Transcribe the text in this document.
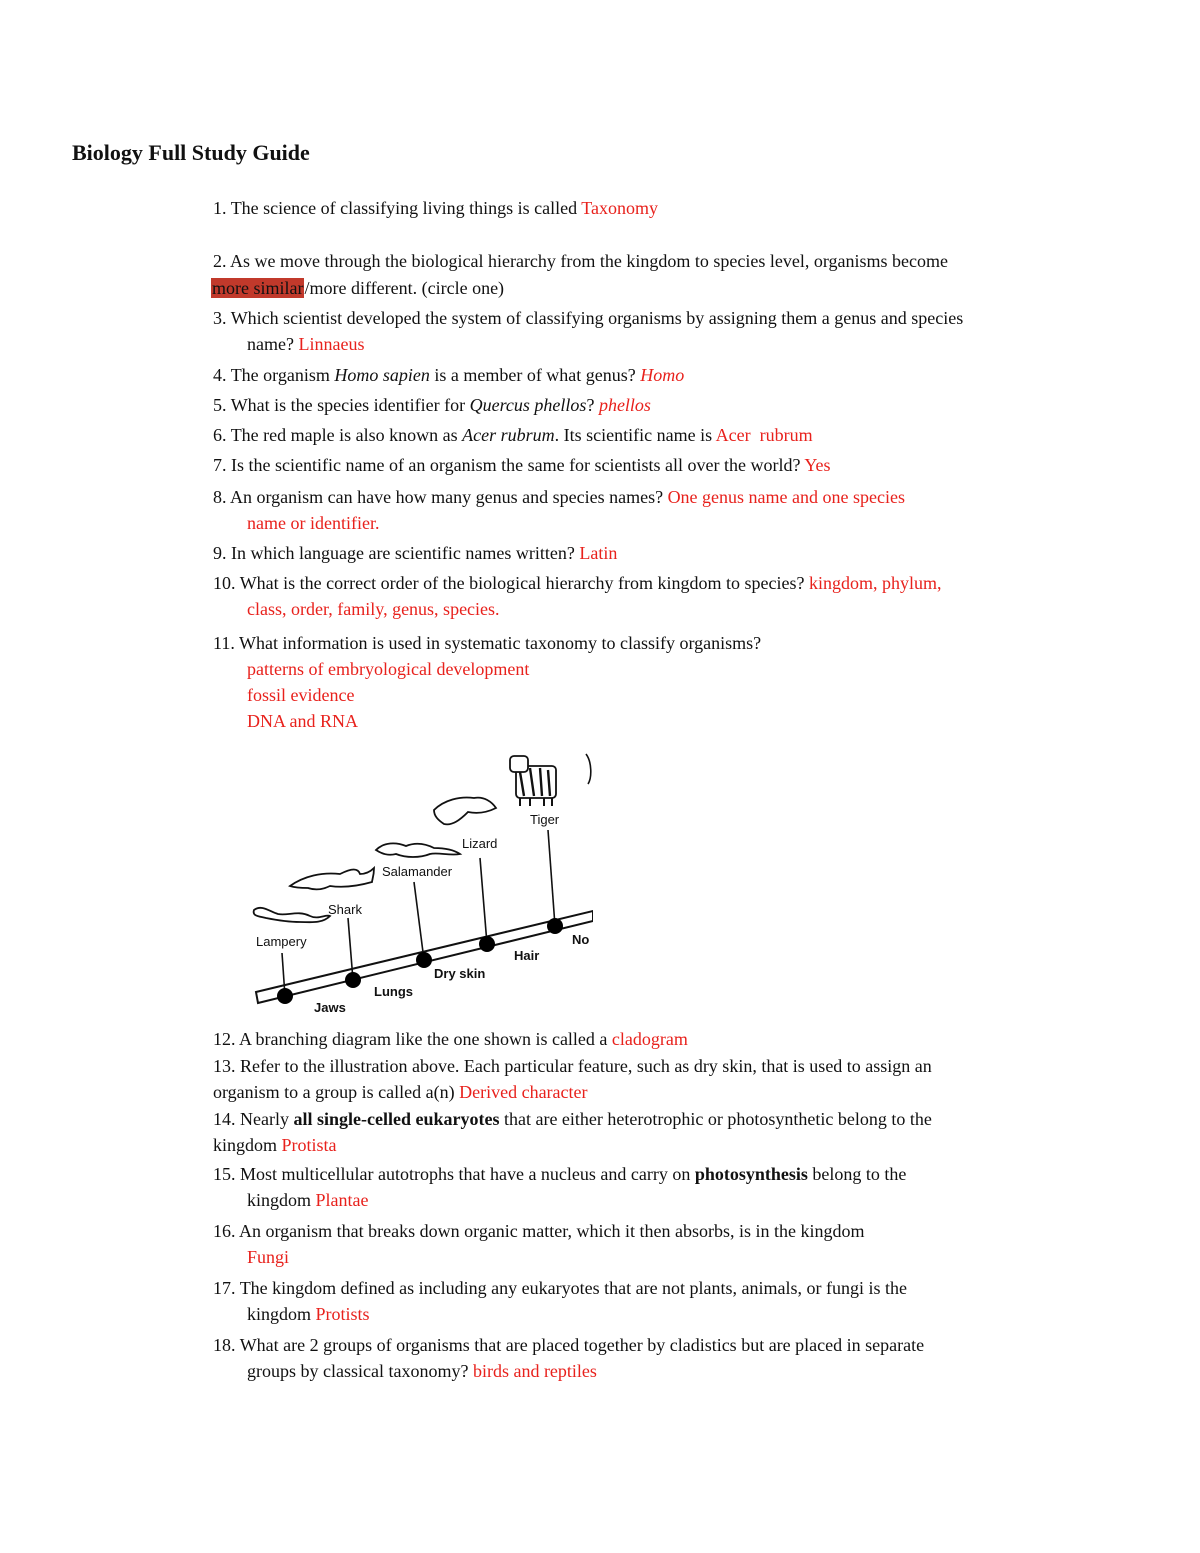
Biology Full Study Guide
1. The science of classifying living things is called Taxonomy
2. As we move through the biological hierarchy from the kingdom to species level, organisms become
more similar/more different. (circle one)
3. Which scientist developed the system of classifying organisms by assigning them a genus and species
name? Linnaeus
4. The organism Homo sapien is a member of what genus? Homo
5. What is the species identifier for Quercus phellos? phellos
6. The red maple is also known as Acer rubrum. Its scientific name is Acer  rubrum
7. Is the scientific name of an organism the same for scientists all over the world? Yes
8. An organism can have how many genus and species names? One genus name and one species
name or identifier.
9. In which language are scientific names written? Latin
10. What is the correct order of the biological hierarchy from kingdom to species? kingdom, phylum,
class, order, family, genus, species.
11. What information is used in systematic taxonomy to classify organisms?
patterns of embryological development
fossil evidence
DNA and RNA
Lampery
Shark
Salamander
Lizard
Tiger
Jaws
Lungs
Dry skin
Hair
No
12. A branching diagram like the one shown is called a cladogram
13. Refer to the illustration above. Each particular feature, such as dry skin, that is used to assign an
organism to a group is called a(n) Derived character
14. Nearly all single-celled eukaryotes that are either heterotrophic or photosynthetic belong to the
kingdom Protista
15. Most multicellular autotrophs that have a nucleus and carry on photosynthesis belong to the
kingdom Plantae
16. An organism that breaks down organic matter, which it then absorbs, is in the kingdom
Fungi
17. The kingdom defined as including any eukaryotes that are not plants, animals, or fungi is the
kingdom Protists
18. What are 2 groups of organisms that are placed together by cladistics but are placed in separate
groups by classical taxonomy? birds and reptiles
